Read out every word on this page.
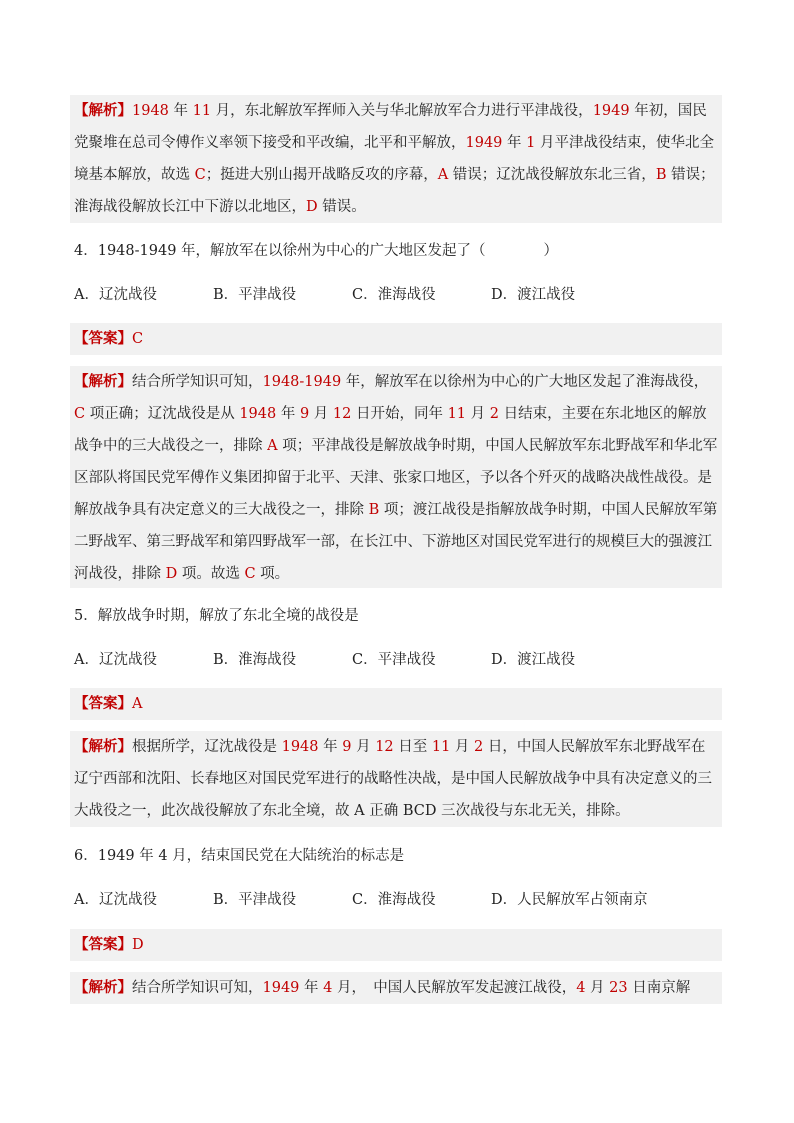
【解析】1948 年 11 月，东北解放军挥师入关与华北解放军合力进行平津战役，1949 年初，国民党聚堆在总司令傅作义率领下接受和平改编，北平和平解放，1949 年 1 月平津战役结束，使华北全境基本解放，故选 C；挺进大别山揭开战略反攻的序幕，A 错误；辽沈战役解放东北三省，B 错误；淮海战役解放长江中下游以北地区，D 错误。
4．1948-1949 年，解放军在以徐州为中心的广大地区发起了（　　　　）
A．辽沈战役	B．平津战役	C．淮海战役	D．渡江战役
【答案】C
【解析】结合所学知识可知，1948-1949 年，解放军在以徐州为中心的广大地区发起了淮海战役，C 项正确；辽沈战役是从 1948 年 9 月 12 日开始，同年 11 月 2 日结束，主要在东北地区的解放战争中的三大战役之一，排除 A 项；平津战役是解放战争时期，中国人民解放军东北野战军和华北军区部队将国民党军傅作义集团抑留于北平、天津、张家口地区，予以各个歼灭的战略决战性战役。是解放战争具有决定意义的三大战役之一，排除 B 项；渡江战役是指解放战争时期，中国人民解放军第二野战军、第三野战军和第四野战军一部，在长江中、下游地区对国民党军进行的规模巨大的强渡江河战役，排除 D 项。故选 C 项。
5．解放战争时期，解放了东北全境的战役是
A．辽沈战役	B．淮海战役	C．平津战役	D．渡江战役
【答案】A
【解析】根据所学，辽沈战役是 1948 年 9 月 12 日至 11 月 2 日，中国人民解放军东北野战军在辽宁西部和沈阳、长春地区对国民党军进行的战略性决战，是中国人民解放战争中具有决定意义的三大战役之一，此次战役解放了东北全境，故 A 正确 BCD 三次战役与东北无关，排除。
6．1949 年 4 月，结束国民党在大陆统治的标志是
A．辽沈战役	B．平津战役	C．淮海战役	D．人民解放军占领南京
【答案】D
【解析】结合所学知识可知，1949 年 4 月，　中国人民解放军发起渡江战役，4 月 23 日南京解
